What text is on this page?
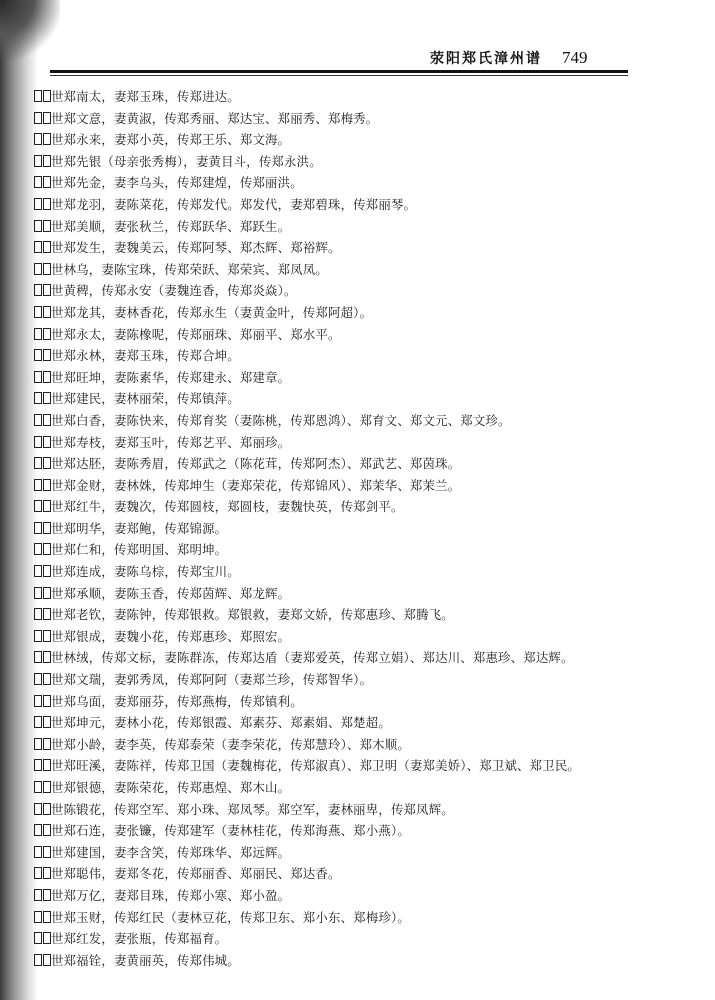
荥阳郑氏漳州谱 749
世郑南太，妻郑玉珠，传郑进达。
世郑文意，妻黄淑，传郑秀丽、郑达宝、郑丽秀、郑梅秀。
世郑永来，妻郑小英，传郑王乐、郑文海。
世郑先银（母亲张秀梅），妻黄目斗，传郑永洪。
世郑先金，妻李乌头，传郑建煌，传郑丽洪。
世郑龙羽，妻陈菜花，传郑发代。郑发代，妻郑碧珠，传郑丽琴。
世郑美顺，妻张秋兰，传郑跃华、郑跃生。
世郑发生，妻魏美云，传郑阿琴、郑杰辉、郑裕辉。
世林乌，妻陈宝珠，传郑荣跃、郑荣宾、郑凤凤。
世黄稗，传郑永安（妻魏连香，传郑炎焱）。
世郑龙其，妻林香花，传郑永生（妻黄金叶，传郑阿超）。
世郑永太，妻陈橡呢，传郑丽珠、郑丽平、郑水平。
世郑永林，妻郑玉珠，传郑合坤。
世郑旺坤，妻陈素华，传郑建永、郑建章。
世郑建民，妻林丽荣，传郑镇萍。
世郑白香，妻陈快来，传郑育奖（妻陈桃，传郑恩鸿）、郑育文、郑文元、郑文珍。
世郑寿枝，妻郑玉叶，传郑艺平、郑丽珍。
世郑达胚，妻陈秀眉，传郑武之（陈花茸，传郑阿杰）、郑武艺、郑茵珠。
世郑金财，妻林姝，传郑坤生（妻郑荣花，传郑锦风）、郑茉华、郑茉兰。
世郑红牛，妻魏次，传郑圆枝，郑圆枝，妻魏快英，传郑剑平。
世郑明华，妻郑鲍，传郑锦源。
世郑仁和，传郑明国、郑明坤。
世郑连成，妻陈乌棕，传郑宝川。
世郑承顺，妻陈玉香，传郑茵辉、郑龙辉。
世郑老钦，妻陈钟，传郑银救。郑银救，妻郑文娇，传郑惠珍、郑腾飞。
世郑银成，妻魏小花，传郑惠珍、郑照宏。
世林绒，传郑文标，妻陈群冻，传郑达盾（妻郑爱英，传郑立娟）、郑达川、郑惠珍、郑达辉。
世郑文瑞，妻郭秀凤，传郑阿阿（妻郑兰珍，传郑智华）。
世郑乌面，妻郑丽芬，传郑燕梅，传郑镇利。
世郑坤元，妻林小花，传郑银霞、郑素芬、郑素娟、郑楚超。
世郑小龄，妻李英，传郑泰荣（妻李荣花，传郑慧玲）、郑木顺。
世郑旺溪，妻陈祥，传郑卫国（妻魏梅花，传郑淑真）、郑卫明（妻郑美娇）、郑卫斌、郑卫民。
世郑银德，妻陈荣花，传郑惠煌、郑木山。
世陈锻花，传郑空军、郑小珠、郑凤琴。郑空军，妻林丽卑，传郑凤辉。
世郑石连，妻张镰，传郑建军（妻林桂花，传郑海燕、郑小燕）。
世郑建国，妻李含笑，传郑珠华、郑远辉。
世郑聪伟，妻郑冬花，传郑丽香、郑丽民、郑达香。
世郑万亿，妻郑目珠，传郑小寒、郑小盈。
世郑玉财，传郑红民（妻林豆花，传郑卫东、郑小东、郑梅珍）。
世郑红发，妻张瓶，传郑福育。
世郑福铨，妻黄丽英，传郑伟城。
